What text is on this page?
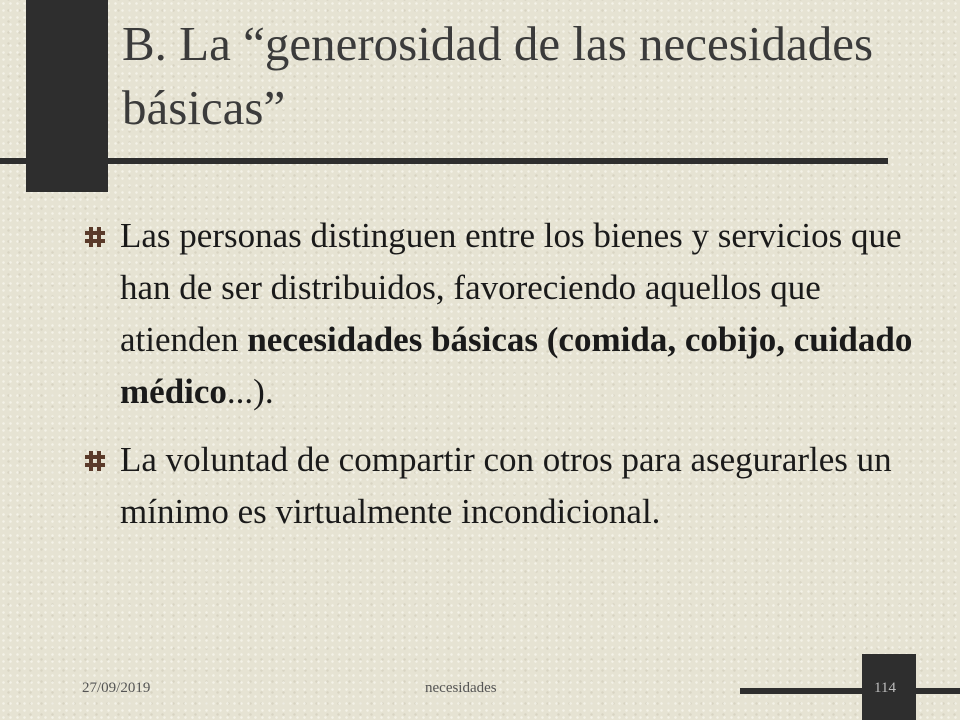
B. La “generosidad de las necesidades básicas”
Las personas distinguen entre los bienes y servicios que han de ser distribuidos, favoreciendo aquellos que atienden necesidades básicas (comida, cobijo, cuidado médico...).
La voluntad de compartir con otros para asegurarles un mínimo es virtualmente incondicional.
27/09/2019	necesidades	114
